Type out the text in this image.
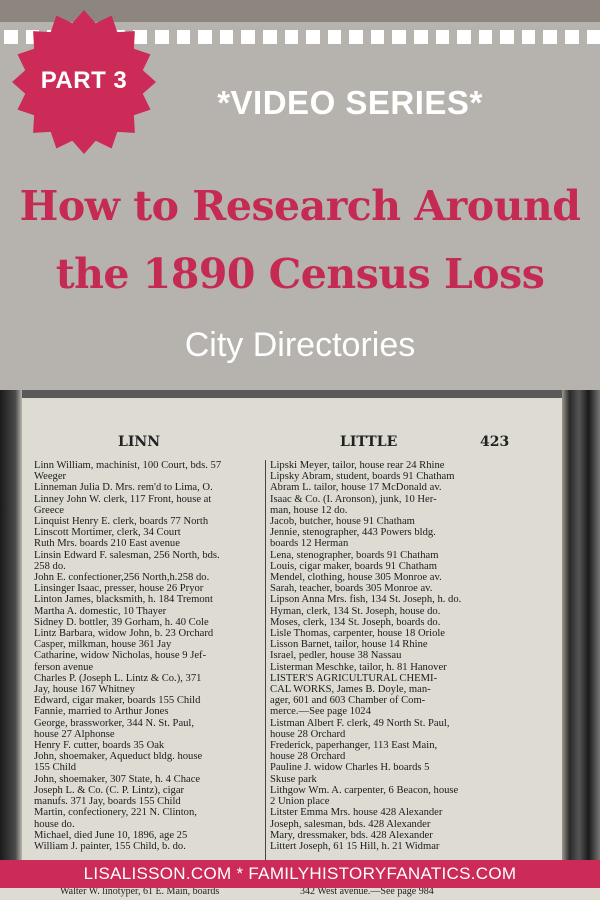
PART 3
*VIDEO SERIES*
How to Research Around
the 1890 Census Loss
City Directories
LINN	LITTLE	423
Linn William, machinist, 100 Court, bds. 57
Weeger
Linneman Julia D. Mrs. rem'd to Lima, O.
Linney John W. clerk, 117 Front, house at
Greece
Linquist Henry E. clerk, boards 77 North
Linscott Mortimer, clerk, 34 Court
Ruth Mrs. boards 210 East avenue
Linsin Edward F. salesman, 256 North, bds.
258 do.
John E. confectioner,256 North,h.258 do.
Linsinger Isaac, presser, house 26 Pryor
Linton James, blacksmith, h. 184 Tremont
Martha A. domestic, 10 Thayer
Sidney D. bottler, 39 Gorham, h. 40 Cole
Lintz Barbara, widow John, b. 23 Orchard
Casper, milkman, house 361 Jay
Catharine, widow Nicholas, house 9 Jef-
ferson avenue
Charles P. (Joseph L. Lintz & Co.), 371
Jay, house 167 Whitney
Edward, cigar maker, boards 155 Child
Fannie, married to Arthur Jones
George, brassworker, 344 N. St. Paul,
house 27 Alphonse
Henry F. cutter, boards 35 Oak
John, shoemaker, Aqueduct bldg. house
155 Child
John, shoemaker, 307 State, h. 4 Chace
Joseph L. & Co. (C. P. Lintz), cigar
manufs. 371 Jay, boards 155 Child
Martin, confectionery, 221 N. Clinton,
house do.
Michael, died June 10, 1896, age 25
William J. painter, 155 Child, b. do.
Lipski Meyer, tailor, house rear 24 Rhine
Lipsky Abram, student, boards 91 Chatham
Abram L. tailor, house 17 McDonald av.
Isaac & Co. (I. Aronson), junk, 10 Her-
man, house 12 do.
Jacob, butcher, house 91 Chatham
Jennie, stenographer, 443 Powers bldg.
boards 12 Herman
Lena, stenographer, boards 91 Chatham
Louis, cigar maker, boards 91 Chatham
Mendel, clothing, house 305 Monroe av.
Sarah, teacher, boards 305 Monroe av.
Lipson Anna Mrs. fish, 134 St. Joseph, h. do.
Hyman, clerk, 134 St. Joseph, house do.
Moses, clerk, 134 St. Joseph, boards do.
Lisle Thomas, carpenter, house 18 Oriole
Lisson Barnet, tailor, house 14 Rhine
Israel, pedler, house 38 Nassau
Listerman Meschke, tailor, h. 81 Hanover
LISTER'S AGRICULTURAL CHEMI-
CAL WORKS, James B. Doyle, man-
ager, 601 and 603 Chamber of Com-
merce.—See page 1024
Listman Albert F. clerk, 49 North St. Paul,
house 28 Orchard
Frederick, paperhanger, 113 East Main,
house 28 Orchard
Pauline J. widow Charles H. boards 5
Skuse park
Lithgow Wm. A. carpenter, 6 Beacon, house
2 Union place
Litster Emma Mrs. house 428 Alexander
Joseph, salesman, bds. 428 Alexander
Mary, dressmaker, bds. 428 Alexander
Littert Joseph, 61 15 Hill, h. 21 Widmar
LISALISSON.COM * FAMILYHISTORYFANATICS.COM
Walter W. linotyper, 61 E. Main, boards	342 West avenue.—See page 984
